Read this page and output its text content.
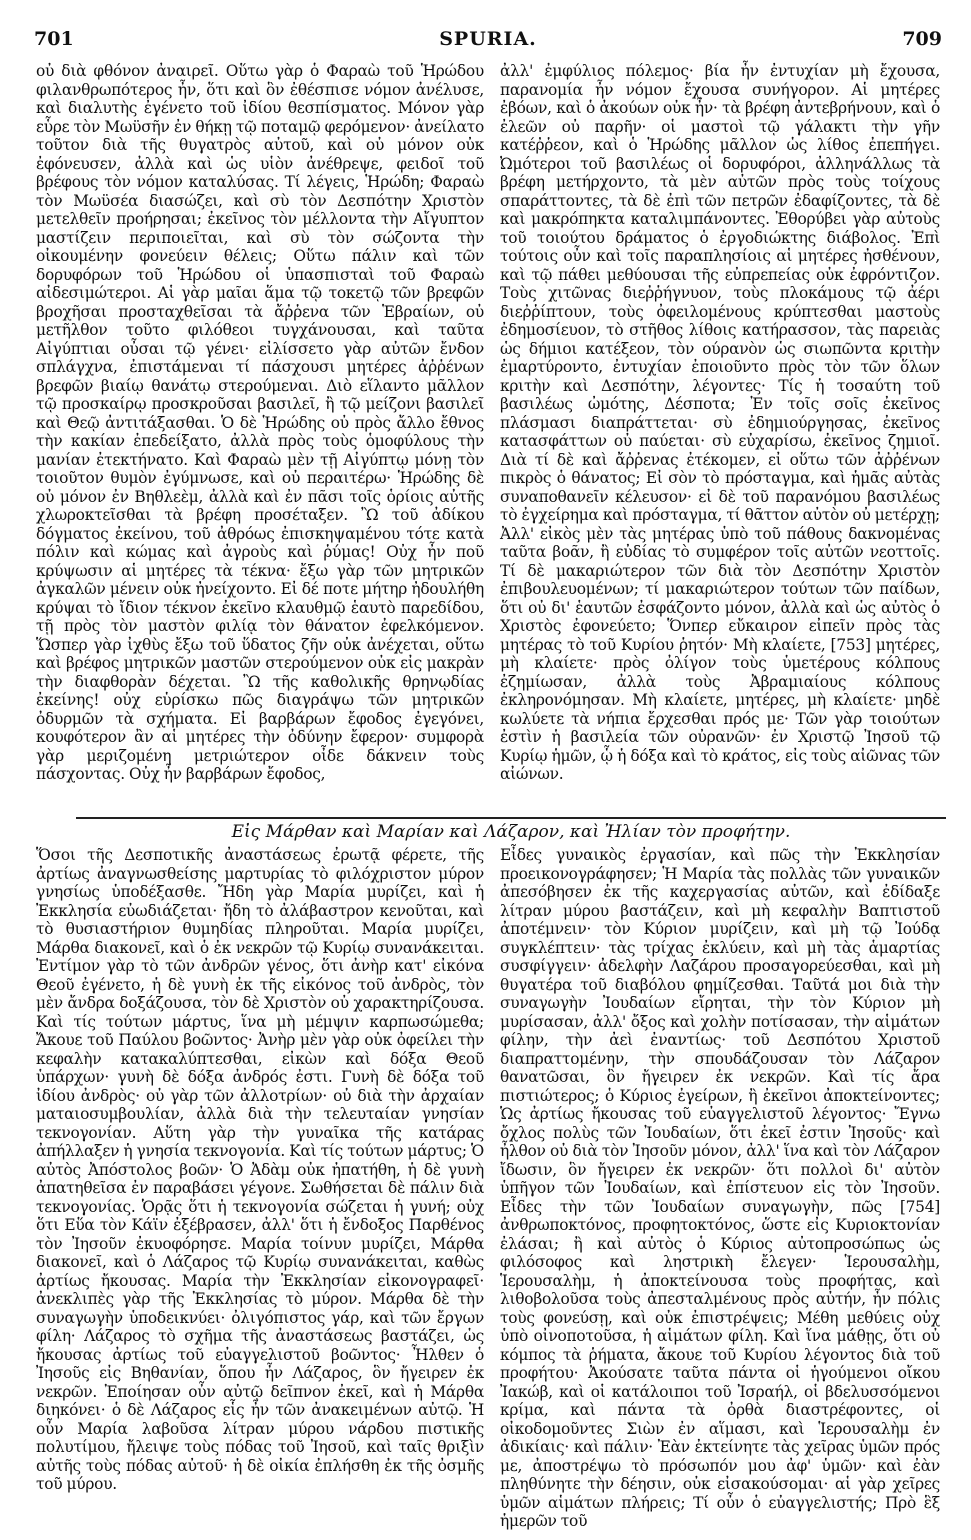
701	SPURIA.	709

οὐ διὰ φθόνον ἀναιρεῖ. Οὕτω γὰρ ὁ Φαραὼ τοῦ Ἡρώδου φιλανθρωπότερος ἦν, ὅτι καὶ ὃν ἐθέσπισε νόμον ἀνέλυσε, καὶ διαλυτὴς ἐγένετο τοῦ ἰδίου θεσπίσματος. Μόνον γὰρ εὗρε τὸν Μωϋσῆν ἐν θήκῃ τῷ ποταμῷ φερόμενον· ἀνείλατο τοῦτον διὰ τῆς θυγατρὸς αὐτοῦ, καὶ οὐ μόνον οὐκ ἐφόνευσεν, ἀλλὰ καὶ ὡς υἱὸν ἀνέθρεψε, φειδοῖ τοῦ βρέφους τὸν νόμον καταλύσας. Τί λέγεις, Ἡρώδη; Φαραὼ τὸν Μωϋσέα διασώζει, καὶ σὺ τὸν Δεσπότην Χριστὸν μετελθεῖν προήρησαι; ἐκεῖνος τὸν μέλλοντα τὴν Αἴγυπτον μαστίζειν περιποιεῖται, καὶ σὺ τὸν σώζοντα τὴν οἰκουμένην φονεύειν θέλεις; Οὕτω πάλιν καὶ τῶν δορυφόρων τοῦ Ἡρώδου οἱ ὑπασπισταὶ τοῦ Φαραὼ αἰδεσιμώτεροι. Αἱ γὰρ μαῖαι ἅμα τῷ τοκετῷ τῶν βρεφῶν βροχῆσαι προσταχθεῖσαι τὰ ἄῤῥενα τῶν Ἑβραίων, οὐ μετῆλθον τοῦτο φιλόθεοι τυγχάνουσαι, καὶ ταῦτα Αἰγύπτιαι οὖσαι τῷ γένει· εἰλίσσετο γὰρ αὐτῶν ἔνδον σπλάγχνα, ἐπιστάμεναι τί πάσχουσι μητέρες ἀῤῥένων βρεφῶν βιαίῳ θανάτῳ στερούμεναι. Διὸ εἵλαντο μᾶλλον τῷ προσκαίρῳ προσκροῦσαι βασιλεῖ, ἢ τῷ μείζονι βασιλεῖ καὶ Θεῷ ἀντιτάξασθαι. Ὁ δὲ Ἡρώδης οὐ πρὸς ἄλλο ἔθνος τὴν κακίαν ἐπεδείξατο, ἀλλὰ πρὸς τοὺς ὁμοφύλους τὴν μανίαν ἐτεκτήνατο. Καὶ Φαραὼ μὲν τῇ Αἰγύπτῳ μόνῃ τὸν τοιοῦτον θυμὸν ἐγύμνωσε, καὶ οὐ περαιτέρω· Ἡρώδης δὲ οὐ μόνον ἐν Βηθλεὲμ, ἀλλὰ καὶ ἐν πᾶσι τοῖς ὁρίοις αὐτῆς χλωροκτεῖσθαι τὰ βρέφη προσέταξεν. Ὢ τοῦ ἀδίκου δόγματος ἐκείνου, τοῦ ἀθρόως ἐπισκηψαμένου τότε κατὰ πόλιν καὶ κώμας καὶ ἀγροὺς καὶ ῥύμας! Οὐχ ἦν ποῦ κρύψωσιν αἱ μητέρες τὰ τέκνα· ἔξω γὰρ τῶν μητρικῶν ἀγκαλῶν μένειν οὐκ ἠνείχοντο. Εἰ δέ ποτε μήτηρ ἠδουλήθη κρύψαι τὸ ἴδιον τέκνον ἐκεῖνο κλαυθμῷ ἑαυτὸ παρεδίδου, τῇ πρὸς τὸν μαστὸν φιλίᾳ τὸν θάνατον ἐφελκόμενον. Ὥσπερ γὰρ ἰχθὺς ἔξω τοῦ ὕδατος ζῆν οὐκ ἀνέχεται, οὕτω καὶ βρέφος μητρικῶν μαστῶν στερούμενον οὐκ εἰς μακρὰν τὴν διαφθορὰν δέχεται. Ὢ τῆς καθολικῆς θρηνῳδίας ἐκείνης! οὐχ εὑρίσκω πῶς διαγράψω τῶν μητρικῶν ὀδυρμῶν τὰ σχήματα. Εἰ βαρβάρων ἔφοδος ἐγεγόνει, κουφότερον ἂν αἱ μητέρες τὴν ὀδύνην ἔφερον· συμφορὰ γὰρ μεριζομένη μετριώτερον οἶδε δάκνειν τοὺς πάσχοντας. Οὐχ ἦν βαρβάρων ἔφοδος,

ἀλλ' ἐμφύλιος πόλεμος· βία ἦν ἐντυχίαν μὴ ἔχουσα, παρανομία ἦν νόμον ἔχουσα συνήγορον. Αἱ μητέρες ἐβόων, καὶ ὁ ἀκούων οὐκ ἦν· τὰ βρέφη ἀντεβρήνουν, καὶ ὁ ἐλεῶν οὐ παρῆν· οἱ μαστοὶ τῷ γάλακτι τὴν γῆν κατέῤῥεον, καὶ ὁ Ἡρώδης μᾶλλον ὡς λίθος ἐπεπήγει. Ὠμότεροι τοῦ βασιλέως οἱ δορυφόροι, ἀλληνάλλως τὰ βρέφη μετήρχοντο, τὰ μὲν αὐτῶν πρὸς τοὺς τοίχους σπαράττοντες, τὰ δὲ ἐπὶ τῶν πετρῶν ἐδαφίζοντες, τὰ δὲ καὶ μακρόπηκτα καταλιμπάνοντες. Ἐθορύβει γὰρ αὐτοὺς τοῦ τοιούτου δράματος ὁ ἐργοδιώκτης διάβολος. Ἐπὶ τούτοις οὖν καὶ τοῖς παραπλησίοις αἱ μητέρες ἠσθένουν, καὶ τῷ πάθει μεθύουσαι τῆς εὐπρεπείας οὐκ ἐφρόντιζον. Τοὺς χιτῶνας διεῤῥήγνυον, τοὺς πλοκάμους τῷ ἀέρι διεῤῥίπτουν, τοὺς ὀφειλομένους κρύπτεσθαι μαστοὺς ἐδημοσίευον, τὸ στῆθος λίθοις κατήρασσον, τὰς παρειὰς ὡς δήμιοι κατέξεον, τὸν ούρανὸν ὡς σιωπῶντα κριτὴν ἐμαρτύροντο, ἐντυχίαν ἐποιοῦντο πρὸς τὸν τῶν ὅλων κριτὴν καὶ Δεσπότην, λέγοντες· Τίς ἡ τοσαύτη τοῦ βασιλέως ὠμότης, Δέσποτα; Ἐν τοῖς σοῖς ἐκεῖνος πλάσμασι διαπράττεται· σὺ ἐδημιούργησας, ἐκεῖνος κατασφάττων οὐ παύεται· σὺ εὐχαρίσω, ἐκεῖνος ζημιοῖ. Διὰ τί δὲ καὶ ἄῤῥενας ἐτέκομεν, εἰ οὕτω τῶν ἀῤῥένων πικρὸς ὁ θάνατος; Εἰ σὸν τὸ πρόσταγμα, καὶ ἡμᾶς αὐτὰς συναποθανεῖν κέλευσον· εἰ δὲ τοῦ παρανόμου βασιλέως τὸ ἐγχείρημα καὶ πρόσταγμα, τί θᾶττον αὐτὸν οὐ μετέρχῃ; Ἀλλ' εἰκὸς μὲν τὰς μητέρας ὑπὸ τοῦ πάθους δακνομένας ταῦτα βοᾶν, ἢ εὐδίας τὸ συμφέρον τοῖς αὐτῶν νεοττοῖς. Τί δὲ μακαριώτερον τῶν διὰ τὸν Δεσπότην Χριστὸν ἐπιβουλευομένων; τί μακαριώτερον τούτων τῶν παίδων, ὅτι οὐ δι' ἑαυτῶν ἐσφάζοντο μόνον, ἀλλὰ καὶ ὡς αὐτὸς ὁ Χριστὸς ἐφονεύετο; Ὅνπερ εὔκαιρον εἰπεῖν πρὸς τὰς μητέρας τὸ τοῦ Κυρίου ῥητόν· Μὴ κλαίετε, [753] μητέρες, μὴ κλαίετε· πρὸς ὀλίγον τοὺς ὑμετέρους κόλπους ἐζημίωσαν, ἀλλὰ τοὺς Ἀβραμιαίους κόλπους ἐκληρονόμησαν. Μὴ κλαίετε, μητέρες, μὴ κλαίετε· μηδὲ κωλύετε τὰ νήπια ἔρχεσθαι πρός με· Τῶν γὰρ τοιούτων ἐστὶν ἡ βασιλεία τῶν οὐρανῶν· ἐν Χριστῷ Ἰησοῦ τῷ Κυρίῳ ἡμῶν, ᾧ ἡ δόξα καὶ τὸ κράτος, εἰς τοὺς αἰῶνας τῶν αἰώνων.

Εἰς Μάρθαν καὶ Μαρίαν καὶ Λάζαρον, καὶ Ἠλίαν τὸν προφήτην.

Ὅσοι τῆς Δεσποτικῆς ἀναστάσεως ἐρωτᾷ φέρετε, τῆς ἀρτίως ἀναγνωσθείσης μαρτυρίας τὸ φιλόχριστον μύρον γνησίως ὑποδέξασθε. Ἤδη γὰρ Μαρία μυρίζει, καὶ ἡ Ἐκκλησία εὐωδιάζεται· ἤδη τὸ ἀλάβαστρον κενοῦται, καὶ τὸ θυσιαστήριον θυμηδίας πληροῦται. Μαρία μυρίζει, Μάρθα διακονεῖ, καὶ ὁ ἐκ νεκρῶν τῷ Κυρίῳ συνανάκειται. Ἐντίμον γὰρ τὸ τῶν ἀνδρῶν γένος, ὅτι ἀνὴρ κατ' εἰκόνα Θεοῦ ἐγένετο, ἡ δὲ γυνὴ ἐκ τῆς εἰκόνος τοῦ ἀνδρὸς, τὸν μὲν ἄνδρα δοξάζουσα, τὸν δὲ Χριστὸν οὐ χαρακτηρίζουσα. Καὶ τίς τούτων μάρτυς, ἵνα μὴ μέμψιν καρπωσώμεθα; Ἄκουε τοῦ Παύλου βοῶντος· Ἀνὴρ μὲν γὰρ οὐκ ὀφείλει τὴν κεφαλὴν κατακαλύπτεσθαι, εἰκὼν καὶ δόξα Θεοῦ ὑπάρχων· γυνὴ δὲ δόξα ἀνδρός ἐστι. Γυνὴ δὲ δόξα τοῦ ἰδίου ἀνδρὸς· οὐ γὰρ τῶν ἀλλοτρίων· οὐ διὰ τὴν ἀρχαίαν ματαιοσυμβουλίαν, ἀλλὰ διὰ τὴν τελευταίαν γνησίαν τεκνογονίαν. Αὕτη γὰρ τὴν γυναῖκα τῆς κατάρας ἀπήλλαξεν ἡ γνησία τεκνογονία. Καὶ τίς τούτων μάρτυς; Ὁ αὐτὸς Ἀπόστολος βοῶν· Ὁ Ἀδὰμ οὐκ ἠπατήθη, ἡ δὲ γυνὴ ἀπατηθεῖσα ἐν παραβάσει γέγονε. Σωθήσεται δὲ πάλιν διὰ τεκνογονίας. Ὁρᾷς ὅτι ἡ τεκνογονία σώζεται ἡ γυνή; οὐχ ὅτι Εὕα τὸν Κάϊν ἐξέβρασεν, ἀλλ' ὅτι ἡ ἔνδοξος Παρθένος τὸν Ἰησοῦν ἐκυοφόρησε. Μαρία τοίνυν μυρίζει, Μάρθα διακονεῖ, καὶ ὁ Λάζαρος τῷ Κυρίῳ συνανάκειται, καθὼς ἀρτίως ἤκουσας. Μαρία τὴν Ἐκκλησίαν εἰκονογραφεῖ· ἀνεκλιπὲς γὰρ τῆς Ἐκκλησίας τὸ μύρον. Μάρθα δὲ τὴν συναγωγὴν ὑποδεικνύει· ὀλιγόπιστος γάρ, καὶ τῶν ἔργων φίλη· Λάζαρος τὸ σχῆμα τῆς ἀναστάσεως βαστάζει, ὡς ἤκουσας ἀρτίως τοῦ εὐαγγελιστοῦ βοῶντος· Ἦλθεν ὁ Ἰησοῦς εἰς Βηθανίαν, ὅπου ἦν Λάζαρος, ὃν ἤγειρεν ἐκ νεκρῶν. Ἐποίησαν οὖν αὐτῷ δεῖπνον ἐκεῖ, καὶ ἡ Μάρθα διηκόνει· ὁ δὲ Λάζαρος εἷς ἦν τῶν ἀνακειμένων αὐτῷ. Ἡ οὖν Μαρία λαβοῦσα λίτραν μύρου νάρδου πιστικῆς πολυτίμου, ἤλειψε τοὺς πόδας τοῦ Ἰησοῦ, καὶ ταῖς θριξὶν αὐτῆς τοὺς πόδας αὐτοῦ· ἡ δὲ οἰκία ἐπλήσθη ἐκ τῆς ὀσμῆς τοῦ μύρου.

Εἶδες γυναικὸς ἐργασίαν, καὶ πῶς τὴν Ἐκκλησίαν προεικονογράφησεν; Ἡ Μαρία τὰς πολλὰς τῶν γυναικῶν ἀπεσόβησεν ἐκ τῆς καχεργασίας αὐτῶν, καὶ ἐδίδαξε λίτραν μύρου βαστάζειν, καὶ μὴ κεφαλὴν Βαπτιστοῦ ἀποτέμνειν· τὸν Κύριον μυρίζειν, καὶ μὴ τῷ Ἰούδᾳ συγκλέπτειν· τὰς τρίχας ἐκλύειν, καὶ μὴ τὰς ἁμαρτίας συσφίγγειν· ἀδελφὴν Λαζάρου προσαγορεύεσθαι, καὶ μὴ θυγατέρα τοῦ διαβόλου φημίζεσθαι. Ταῦτά μοι διὰ τὴν συναγωγὴν Ἰουδαίων εἴρηται, τὴν τὸν Κύριον μὴ μυρίσασαν, ἀλλ' ὄξος καὶ χολὴν ποτίσασαν, τὴν αἱμάτων φίλην, τὴν ἀεὶ ἐναντίως· τοῦ Δεσπότου Χριστοῦ διαπραττομένην, τὴν σπουδάζουσαν τὸν Λάζαρον θανατῶσαι, ὃν ἤγειρεν ἐκ νεκρῶν. Καὶ τίς ἄρα πιστιώτερος; ὁ Κύριος ἐγείρων, ἢ ἐκεῖνοι ἀποκτείνοντες; Ὡς ἀρτίως ἤκουσας τοῦ εὐαγγελιστοῦ λέγοντος· Ἔγνω ὄχλος πολὺς τῶν Ἰουδαίων, ὅτι ἐκεῖ ἐστιν Ἰησοῦς· καὶ ἦλθον οὐ διὰ τὸν Ἰησοῦν μόνον, ἀλλ' ἵνα καὶ τὸν Λάζαρον ἴδωσιν, ὃν ἤγειρεν ἐκ νεκρῶν· ὅτι πολλοὶ δι' αὐτὸν ὑπῆγον τῶν Ἰουδαίων, καὶ ἐπίστευον εἰς τὸν Ἰησοῦν. Εἶδες τὴν τῶν Ἰουδαίων συναγωγὴν, πῶς [754] ἀνθρωποκτόνος, προφητοκτόνος, ὥστε εἰς Κυριοκτονίαν ἐλάσαι; ἢ καὶ αὐτὸς ὁ Κύριος αὐτοπροσώπως ὡς φιλόσοφος καὶ ληστρικὴ ἔλεγεν· Ἱερουσαλὴμ, Ἱερουσαλὴμ, ἡ ἀποκτείνουσα τοὺς προφήτας, καὶ λιθοβολοῦσα τοὺς ἀπεσταλμένους πρὸς αὐτήν, ἦν πόλις τοὺς φονεύσῃ, καὶ οὐκ ἐπιστρέψεις; Μέθη μεθύεις οὐχ ὑπὸ οἰνοποτοῦσα, ἡ αἱμάτων φίλη. Καὶ ἵνα μάθῃς, ὅτι οὐ κόμπος τὰ ῥήματα, ἄκουε τοῦ Κυρίου λέγοντος διὰ τοῦ προφήτου· Ἀκούσατε ταῦτα πάντα οἱ ἡγούμενοι οἴκου Ἰακώβ, καὶ οἱ κατάλοιποι τοῦ Ἰσραήλ, οἱ βδελυσσόμενοι κρίμα, καὶ πάντα τὰ ὀρθὰ διαστρέφοντες, οἱ οἰκοδομοῦντες Σιὼν ἐν αἵμασι, καὶ Ἱερουσαλὴμ ἐν ἀδικίαις· καὶ πάλιν· Ἐὰν ἐκτείνητε τὰς χεῖρας ὑμῶν πρός με, ἀποστρέψω τὸ πρόσωπόν μου ἀφ' ὑμῶν· καὶ ἐὰν πληθύνητε τὴν δέησιν, οὐκ εἰσακούσομαι· αἱ γὰρ χεῖρες ὑμῶν αἱμάτων πλήρεις; Τί οὖν ὁ εὐαγγελιστής; Πρὸ ἓξ ἡμερῶν τοῦ
